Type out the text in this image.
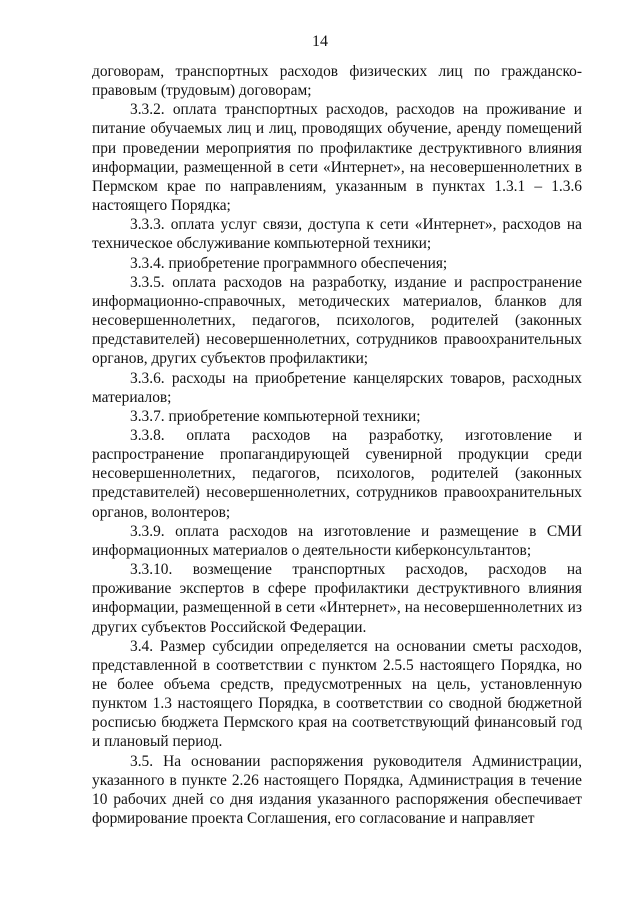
14

договорам, транспортных расходов физических лиц по гражданско-правовым (трудовым) договорам;

3.3.2. оплата транспортных расходов, расходов на проживание и питание обучаемых лиц и лиц, проводящих обучение, аренду помещений при проведении мероприятия по профилактике деструктивного влияния информации, размещенной в сети «Интернет», на несовершеннолетних в Пермском крае по направлениям, указанным в пунктах 1.3.1 – 1.3.6 настоящего Порядка;

3.3.3. оплата услуг связи, доступа к сети «Интернет», расходов на техническое обслуживание компьютерной техники;

3.3.4. приобретение программного обеспечения;

3.3.5. оплата расходов на разработку, издание и распространение информационно-справочных, методических материалов, бланков для несовершеннолетних, педагогов, психологов, родителей (законных представителей) несовершеннолетних, сотрудников правоохранительных органов, других субъектов профилактики;

3.3.6. расходы на приобретение канцелярских товаров, расходных материалов;

3.3.7. приобретение компьютерной техники;

3.3.8. оплата расходов на разработку, изготовление и распространение пропагандирующей сувенирной продукции среди несовершеннолетних, педагогов, психологов, родителей (законных представителей) несовершеннолетних, сотрудников правоохранительных органов, волонтеров;

3.3.9. оплата расходов на изготовление и размещение в СМИ информационных материалов о деятельности киберконсультантов;

3.3.10. возмещение транспортных расходов, расходов на проживание экспертов в сфере профилактики деструктивного влияния информации, размещенной в сети «Интернет», на несовершеннолетних из других субъектов Российской Федерации.

3.4. Размер субсидии определяется на основании сметы расходов, представленной в соответствии с пунктом 2.5.5 настоящего Порядка, но не более объема средств, предусмотренных на цель, установленную пунктом 1.3 настоящего Порядка, в соответствии со сводной бюджетной росписью бюджета Пермского края на соответствующий финансовый год и плановый период.

3.5. На основании распоряжения руководителя Администрации, указанного в пункте 2.26 настоящего Порядка, Администрация в течение 10 рабочих дней со дня издания указанного распоряжения обеспечивает формирование проекта Соглашения, его согласование и направляет
